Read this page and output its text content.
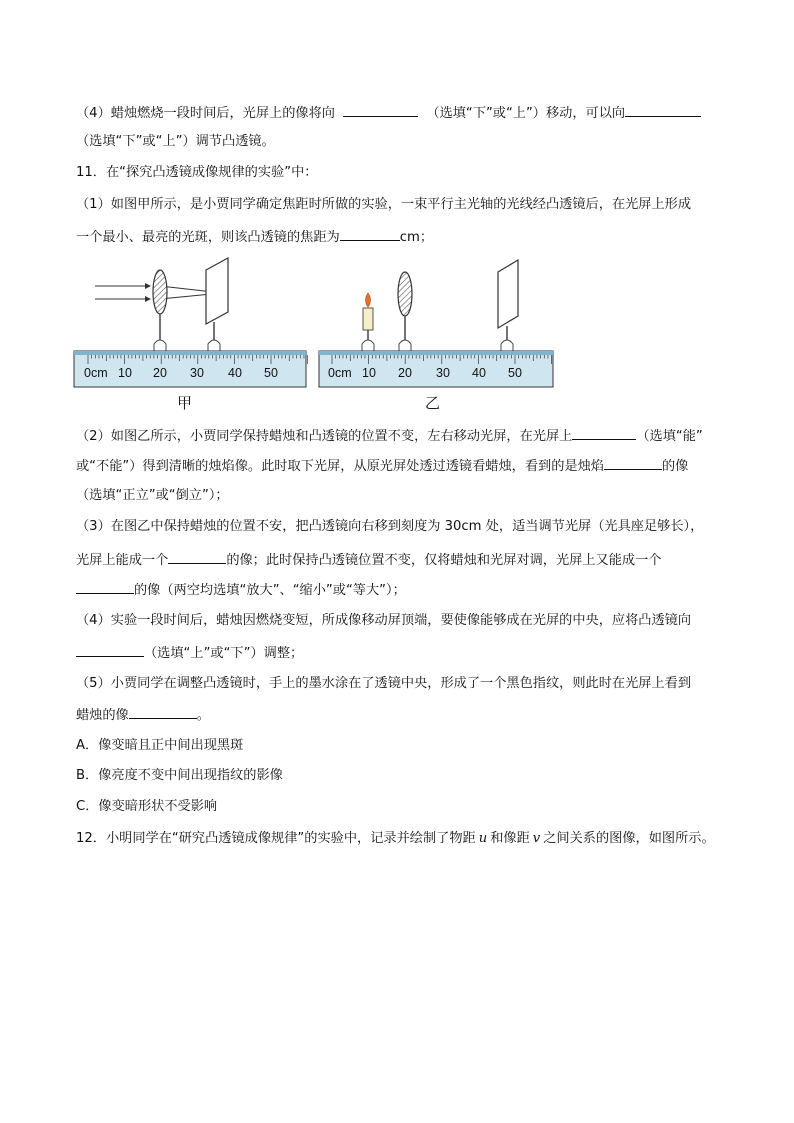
（4）蜡烛燃烧一段时间后，光屏上的像将向	（选填“下”或“上”）移动，可以向
（选填“下”或“上”）调节凸透镜。
11．在“探究凸透镜成像规律的实验”中：
（1）如图甲所示，是小贾同学确定焦距时所做的实验，一束平行主光轴的光线经凸透镜后，在光屏上形成
一个最小、最亮的光斑，则该凸透镜的焦距为	cm；
0cm 10 20 30 40 50
甲
0cm 10 20 30 40 50
乙
（2）如图乙所示，小贾同学保持蜡烛和凸透镜的位置不变，左右移动光屏，在光屏上	（选填“能”
或“不能”）得到清晰的烛焰像。此时取下光屏，从原光屏处透过透镜看蜡烛，看到的是烛焰	的像
（选填“正立”或“倒立”）；
（3）在图乙中保持蜡烛的位置不安，把凸透镜向右移到刻度为 30cm 处，适当调节光屏（光具座足够长），
光屏上能成一个	的像；此时保持凸透镜位置不变，仅将蜡烛和光屏对调，光屏上又能成一个
的像（两空均选填“放大”、“缩小”或“等大”）；
（4）实验一段时间后，蜡烛因燃烧变短，所成像移动屏顶端，要使像能够成在光屏的中央，应将凸透镜向
（选填“上”或“下”）调整；
（5）小贾同学在调整凸透镜时，手上的墨水涂在了透镜中央，形成了一个黑色指纹，则此时在光屏上看到
蜡烛的像	。
A．像变暗且正中间出现黑斑
B．像亮度不变中间出现指纹的影像
C．像变暗形状不受影响
12．小明同学在“研究凸透镜成像规律”的实验中，记录并绘制了物距 u 和像距 v 之间关系的图像，如图所示。
